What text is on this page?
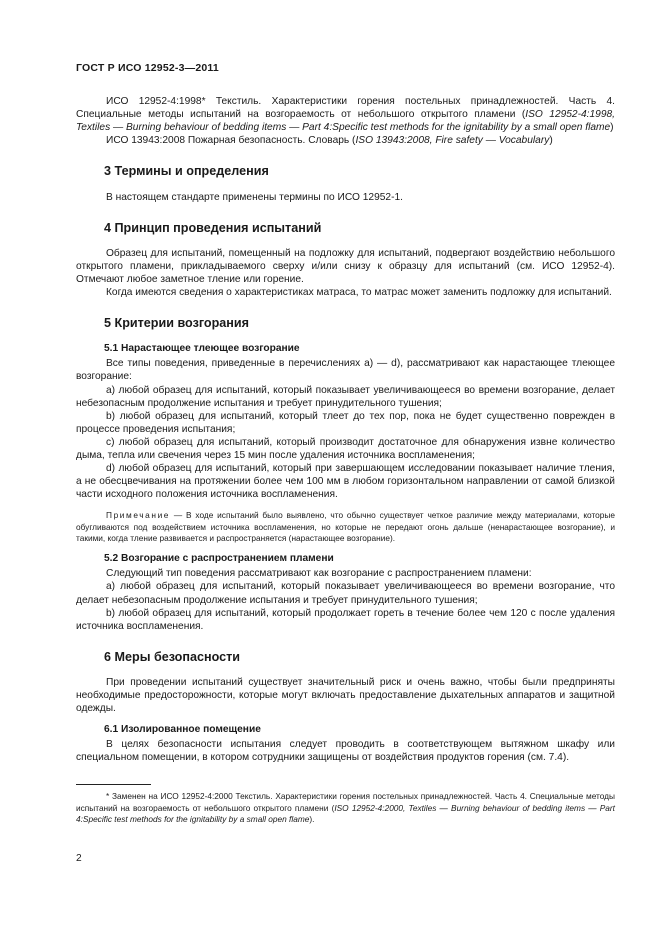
ГОСТ Р ИСО 12952-3—2011

ИСО 12952-4:1998* Текстиль. Характеристики горения постельных принадлежностей. Часть 4. Специальные методы испытаний на возгораемость от небольшого открытого пламени (ISO 12952-4:1998, Textiles — Burning behaviour of bedding items — Part 4:Specific test methods for the ignitability by a small open flame)

ИСО 13943:2008 Пожарная безопасность. Словарь (ISO 13943:2008, Fire safety — Vocabulary)

3 Термины и определения

В настоящем стандарте применены термины по ИСО 12952-1.

4 Принцип проведения испытаний

Образец для испытаний, помещенный на подложку для испытаний, подвергают воздействию небольшого открытого пламени, прикладываемого сверху и/или снизу к образцу для испытаний (см. ИСО 12952-4). Отмечают любое заметное тление или горение.

Когда имеются сведения о характеристиках матраса, то матрас может заменить подложку для испытаний.

5 Критерии возгорания
5.1 Нарастающее тлеющее возгорание

Все типы поведения, приведенные в перечислениях а) — d), рассматривают как нарастающее тлеющее возгорание:

a) любой образец для испытаний, который показывает увеличивающееся во времени возгорание, делает небезопасным продолжение испытания и требует принудительного тушения;

b) любой образец для испытаний, который тлеет до тех пор, пока не будет существенно поврежден в процессе проведения испытания;

c) любой образец для испытаний, который производит достаточное для обнаружения извне количество дыма, тепла или свечения через 15 мин после удаления источника воспламенения;

d) любой образец для испытаний, который при завершающем исследовании показывает наличие тления, а не обесцвечивания на протяжении более чем 100 мм в любом горизонтальном направлении от самой близкой части исходного положения источника воспламенения.

Примечание — В ходе испытаний было выявлено, что обычно существует четкое различие между материалами, которые обугливаются под воздействием источника воспламенения, но которые не передают огонь дальше (ненарастающее возгорание), и такими, когда тление развивается и распространяется (нарастающее возгорание).

5.2 Возгорание с распространением пламени

Следующий тип поведения рассматривают как возгорание с распространением пламени:

a) любой образец для испытаний, который показывает увеличивающееся во времени возгорание, что делает небезопасным продолжение испытания и требует принудительного тушения;

b) любой образец для испытаний, который продолжает гореть в течение более чем 120 с после удаления источника воспламенения.

6 Меры безопасности

При проведении испытаний существует значительный риск и очень важно, чтобы были предприняты необходимые предосторожности, которые могут включать предоставление дыхательных аппаратов и защитной одежды.

6.1 Изолированное помещение

В целях безопасности испытания следует проводить в соответствующем вытяжном шкафу или специальном помещении, в котором сотрудники защищены от воздействия продуктов горения (см. 7.4).

* Заменен на ИСО 12952-4:2000 Текстиль. Характеристики горения постельных принадлежностей. Часть 4. Специальные методы испытаний на возгораемость от небольшого открытого пламени (ISO 12952-4:2000, Textiles — Burning behaviour of bedding items — Part 4:Specific test methods for the ignitability by a small open flame).

2
